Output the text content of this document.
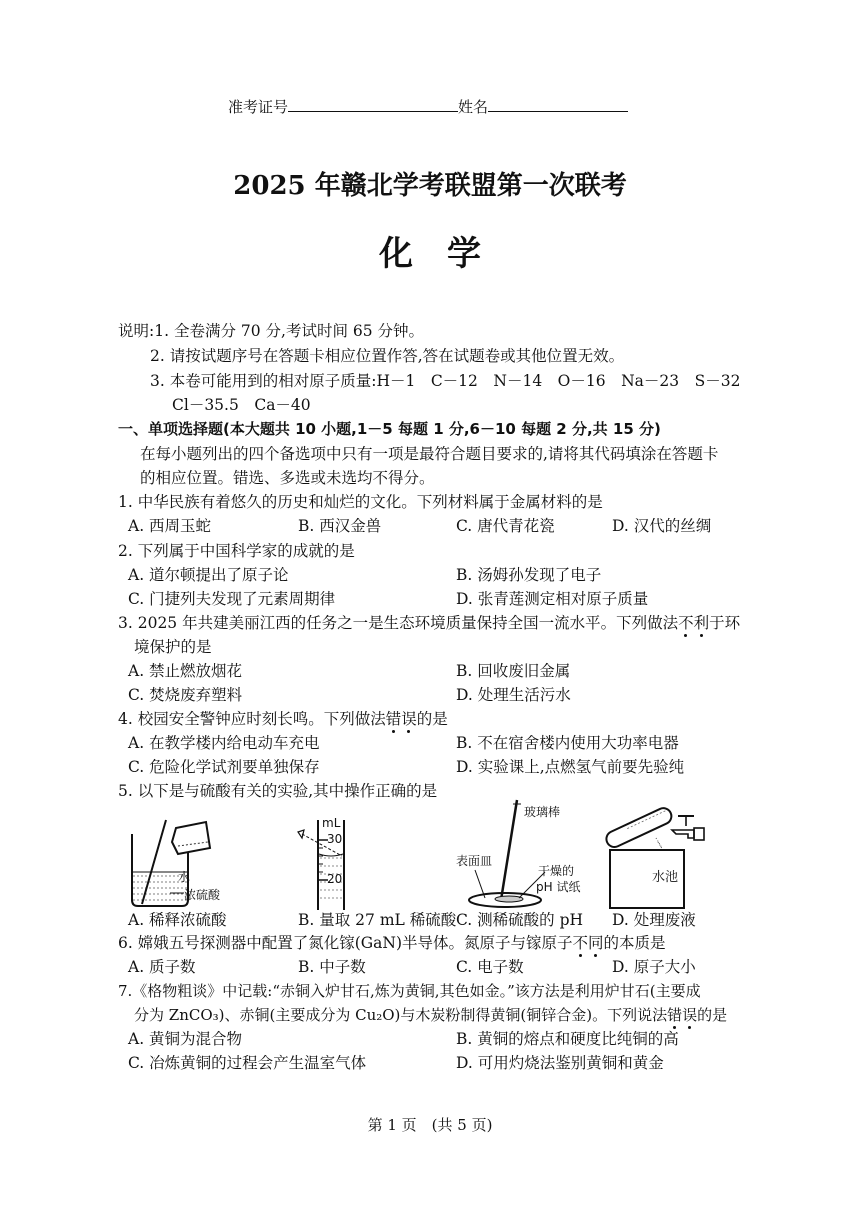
准考证号	姓名
2025 年赣北学考联盟第一次联考
化　学
说明:1. 全卷满分 70 分,考试时间 65 分钟。
2. 请按试题序号在答题卡相应位置作答,答在试题卷或其他位置无效。
3. 本卷可能用到的相对原子质量:H－1　C－12　N－14　O－16　Na－23　S－32
Cl－35.5　Ca－40
一、单项选择题(本大题共 10 小题,1－5 每题 1 分,6－10 每题 2 分,共 15 分)
在每小题列出的四个备选项中只有一项是最符合题目要求的,请将其代码填涂在答题卡
的相应位置。错选、多选或未选均不得分。
1. 中华民族有着悠久的历史和灿烂的文化。下列材料属于金属材料的是
A. 西周玉蛇	B. 西汉金兽	C. 唐代青花瓷	D. 汉代的丝绸
2. 下列属于中国科学家的成就的是
A. 道尔顿提出了原子论	B. 汤姆孙发现了电子
C. 门捷列夫发现了元素周期律	D. 张青莲测定相对原子质量
3. 2025 年共建美丽江西的任务之一是生态环境质量保持全国一流水平。下列做法不利于环
境保护的是
A. 禁止燃放烟花	B. 回收废旧金属
C. 焚烧废弃塑料	D. 处理生活污水
4. 校园安全警钟应时刻长鸣。下列做法错误的是
A. 在教学楼内给电动车充电	B. 不在宿舍楼内使用大功率电器
C. 危险化学试剂要单独保存	D. 实验课上,点燃氢气前要先验纯
5. 以下是与硫酸有关的实验,其中操作正确的是
水
浓硫酸
mL
30
20
玻璃棒
表面皿
干燥的
pH 试纸
水池
A. 稀释浓硫酸	B. 量取 27 mL 稀硫酸 C. 测稀硫酸的 pH D. 处理废液
6. 嫦娥五号探测器中配置了氮化镓(GaN)半导体。氮原子与镓原子不同的本质是
A. 质子数	B. 中子数	C. 电子数	D. 原子大小
7.《格物粗谈》中记载:“赤铜入炉甘石,炼为黄铜,其色如金。”该方法是利用炉甘石(主要成
分为 ZnCO₃)、赤铜(主要成分为 Cu₂O)与木炭粉制得黄铜(铜锌合金)。下列说法错误的是
A. 黄铜为混合物	B. 黄铜的熔点和硬度比纯铜的高
C. 冶炼黄铜的过程会产生温室气体	D. 可用灼烧法鉴别黄铜和黄金
第 1 页　(共 5 页)
